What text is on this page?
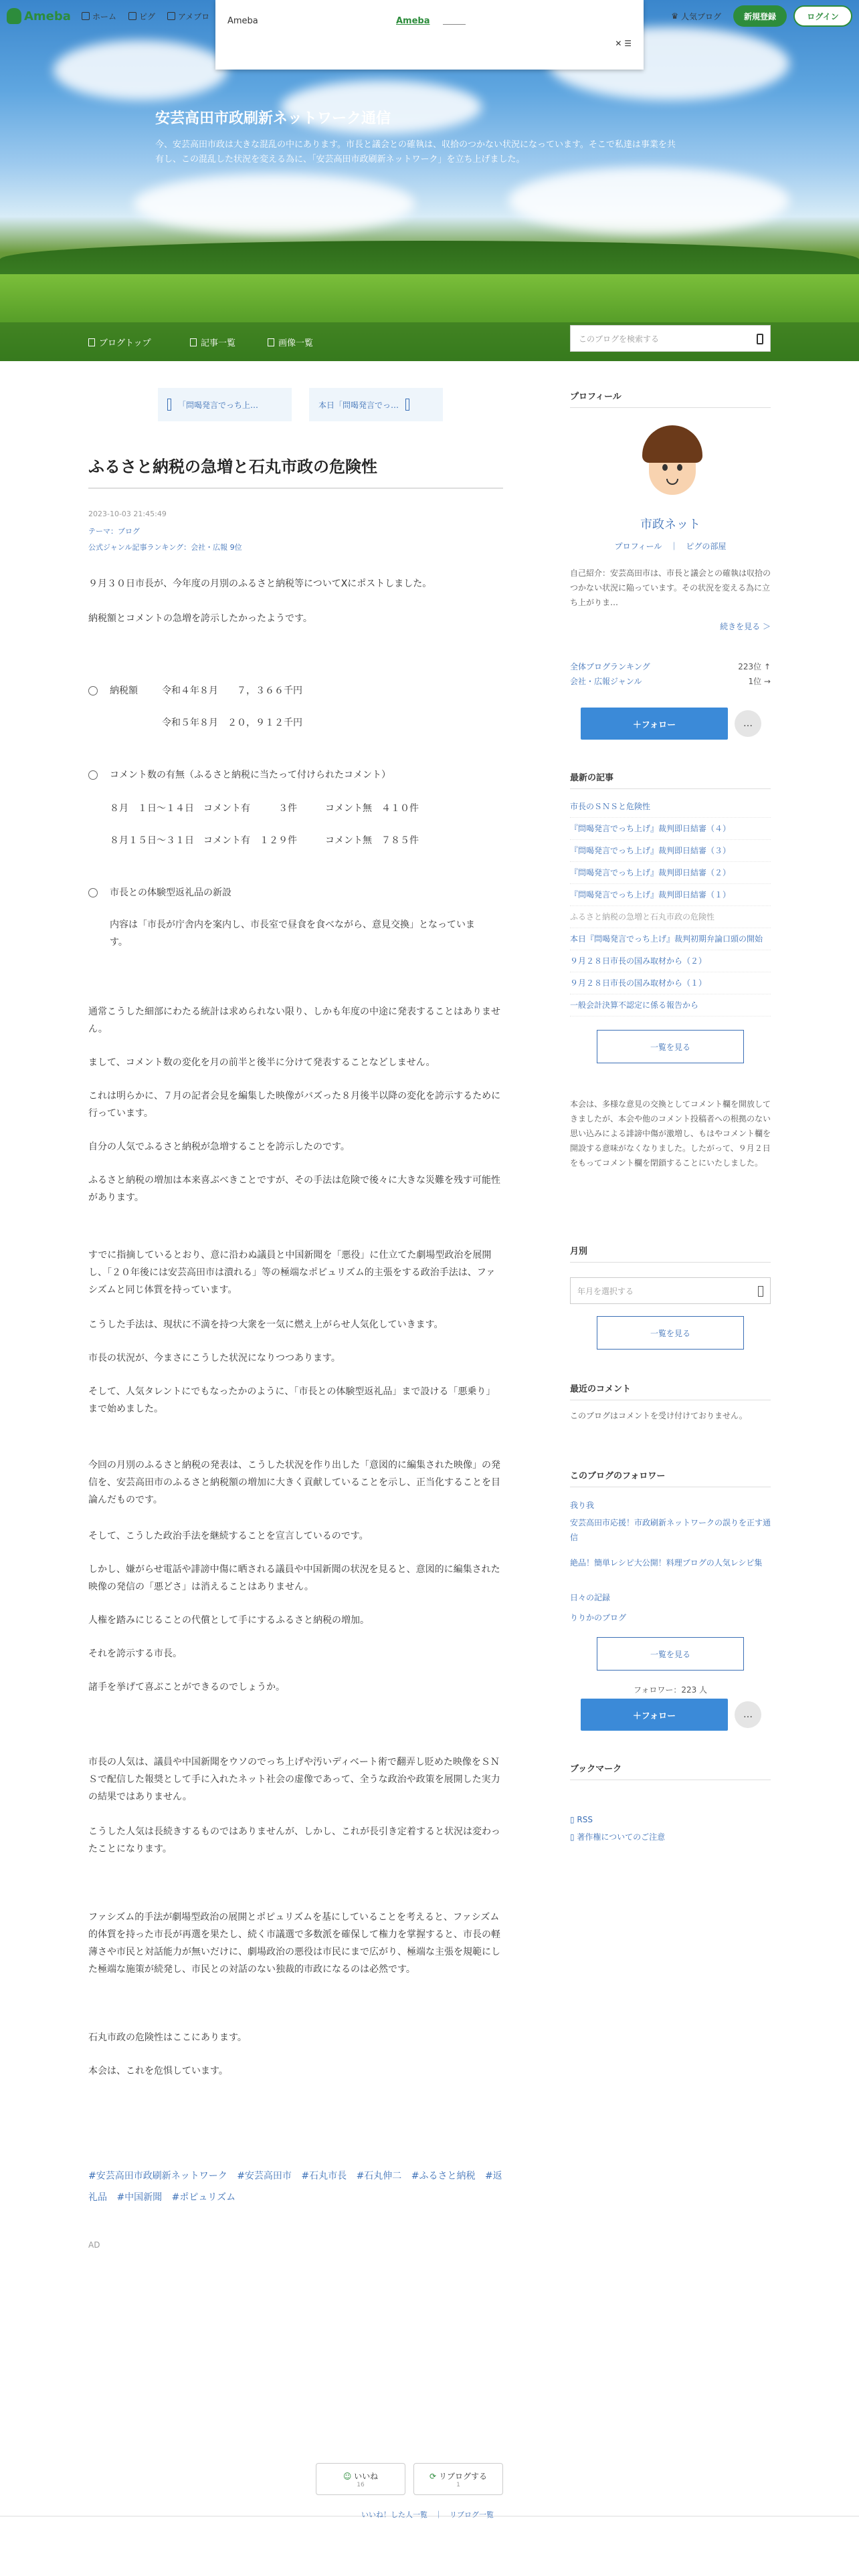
Ameba	ホーム	ピグ	アメブロ	♛ 人気ブログ	新規登録	ログイン
Ameba	Ameba
✕ ☰
安芸高田市政刷新ネットワーク通信
今、安芸高田市政は大きな混乱の中にあります。市長と議会との確執は、収拾のつかない状況になっています。そこで私達は事業を共有し、この混乱した状況を変える為に、「安芸高田市政刷新ネットワーク」を立ち上げました。
ブログトップ	記事一覧	画像一覧	このブログを検索する
「問喝発言でっち上…	本日「問喝発言でっ…
ふるさと納税の急増と石丸市政の危険性
2023-10-03 21:45:49
テーマ：ブログ
公式ジャンル記事ランキング：会社・広報 9位

９月３０日市長が、今年度の月別のふるさと納税等についてXにポストしました。

納税額とコメントの急増を誇示したかったようです。

納税額	令和４年８月　　７，３６６千円

令和５年８月　２０，９１２千円

コメント数の有無（ふるさと納税に当たって付けられたコメント）

８月　１日〜１４日　コメント有　　　３件　　　コメント無　４１０件

８月１５日〜３１日　コメント有　１２９件　　　コメント無　７８５件

市長との体験型返礼品の新設

内容は「市長が庁舎内を案内し、市長室で昼食を食べながら、意見交換」となっています。

通常こうした細部にわたる統計は求められない限り、しかも年度の中途に発表することはありません。

まして、コメント数の変化を月の前半と後半に分けて発表することなどしません。

これは明らかに、７月の記者会見を編集した映像がバズった８月後半以降の変化を誇示するために行っています。

自分の人気でふるさと納税が急増することを誇示したのです。

ふるさと納税の増加は本来喜ぶべきことですが、その手法は危険で後々に大きな災難を残す可能性があります。

すでに指摘しているとおり、意に沿わぬ議員と中国新聞を「悪役」に仕立てた劇場型政治を展開し、「２０年後には安芸高田市は潰れる」等の極端なポピュリズム的主張をする政治手法は、ファシズムと同じ体質を持っています。

こうした手法は、現状に不満を持つ大衆を一気に燃え上がらせ人気化していきます。

市長の状況が、今まさにこうした状況になりつつあります。

そして、人気タレントにでもなったかのように、「市長との体験型返礼品」まで設ける「悪乗り」まで始めました。

今回の月別のふるさと納税の発表は、こうした状況を作り出した「意図的に編集された映像」の発信を、安芸高田市のふるさと納税額の増加に大きく貢献していることを示し、正当化することを目論んだものです。

そして、こうした政治手法を継続することを宣言しているのです。

しかし、嫌がらせ電話や誹謗中傷に晒される議員や中国新聞の状況を見ると、意図的に編集された映像の発信の「悪どさ」は消えることはありません。

人権を踏みにじることの代償として手にするふるさと納税の増加。

それを誇示する市長。

諸手を挙げて喜ぶことができるのでしょうか。

市長の人気は、議員や中国新聞をウソのでっち上げや汚いディベート術で翻弄し貶めた映像をＳＮＳで配信した報奨として手に入れたネット社会の虚像であって、全うな政治や政策を展開した実力の結果ではありません。

こうした人気は長続きするものではありませんが、しかし、これが長引き定着すると状況は変わったことになります。

ファシズム的手法が劇場型政治の展開とポピュリズムを基にしていることを考えると、ファシズム的体質を持った市長が再選を果たし、続く市議選で多数派を確保して権力を掌握すると、市長の軽薄さや市民と対話能力が無いだけに、劇場政治の悪役は市民にまで広がり、極端な主張を規範にした極端な施策が続発し、市民との対話のない独裁的市政になるのは必然です。

石丸市政の危険性はここにあります。

本会は、これを危惧しています。

#安芸高田市政刷新ネットワーク #安芸高田市 #石丸市長 #石丸伸二 #ふるさと納税 #返礼品 #中国新聞 #ポピュリズム
AD
☺ いいね
16
⟳ リブログする
1
いいね！した人一覧　｜　リブログ一覧
プロフィール
市政ネット
プロフィール　｜　ピグの部屋
自己紹介：安芸高田市は、市長と議会との確執は収拾のつかない状況に陥っています。その状況を変える為に立ち上がりま…
続きを見る ＞
全体ブログランキング	223位 ↑
会社・広報ジャンル	1位 →
＋フォロー	…
最新の記事
市長のＳＮＳと危険性
『問喝発言でっち上げ』裁判即日結審（４）
『問喝発言でっち上げ』裁判即日結審（３）
『問喝発言でっち上げ』裁判即日結審（２）
『問喝発言でっち上げ』裁判即日結審（１）
ふるさと納税の急増と石丸市政の危険性
本日『問喝発言でっち上げ』裁判初期弁論口頭の開始
９月２８日市長の国み取材から（２）
９月２８日市長の国み取材から（１）
一般会計決算不認定に係る報告から
一覧を見る
本会は、多様な意見の交換としてコメント欄を開放してきましたが、本会や他のコメント投稿者への根拠のない思い込みによる誹謗中傷が激増し、もはやコメント欄を開設する意味がなくなりました。したがって、９月２日をもってコメント欄を閉鎖することにいたしました。
月別
年月を選択する
一覧を見る
最近のコメント
このブログはコメントを受け付けておりません。
このブログのフォロワー
我り我
安芸高田市応援！市政刷新ネットワークの誤りを正す通信
絶品！簡単レシピ大公開！料理ブログの人気レシピ集
日々の記録
りりかのブログ
一覧を見る
フォロワー：223 人
＋フォロー	…
ブックマーク
▯ RSS
▯ 著作権についてのご注意
